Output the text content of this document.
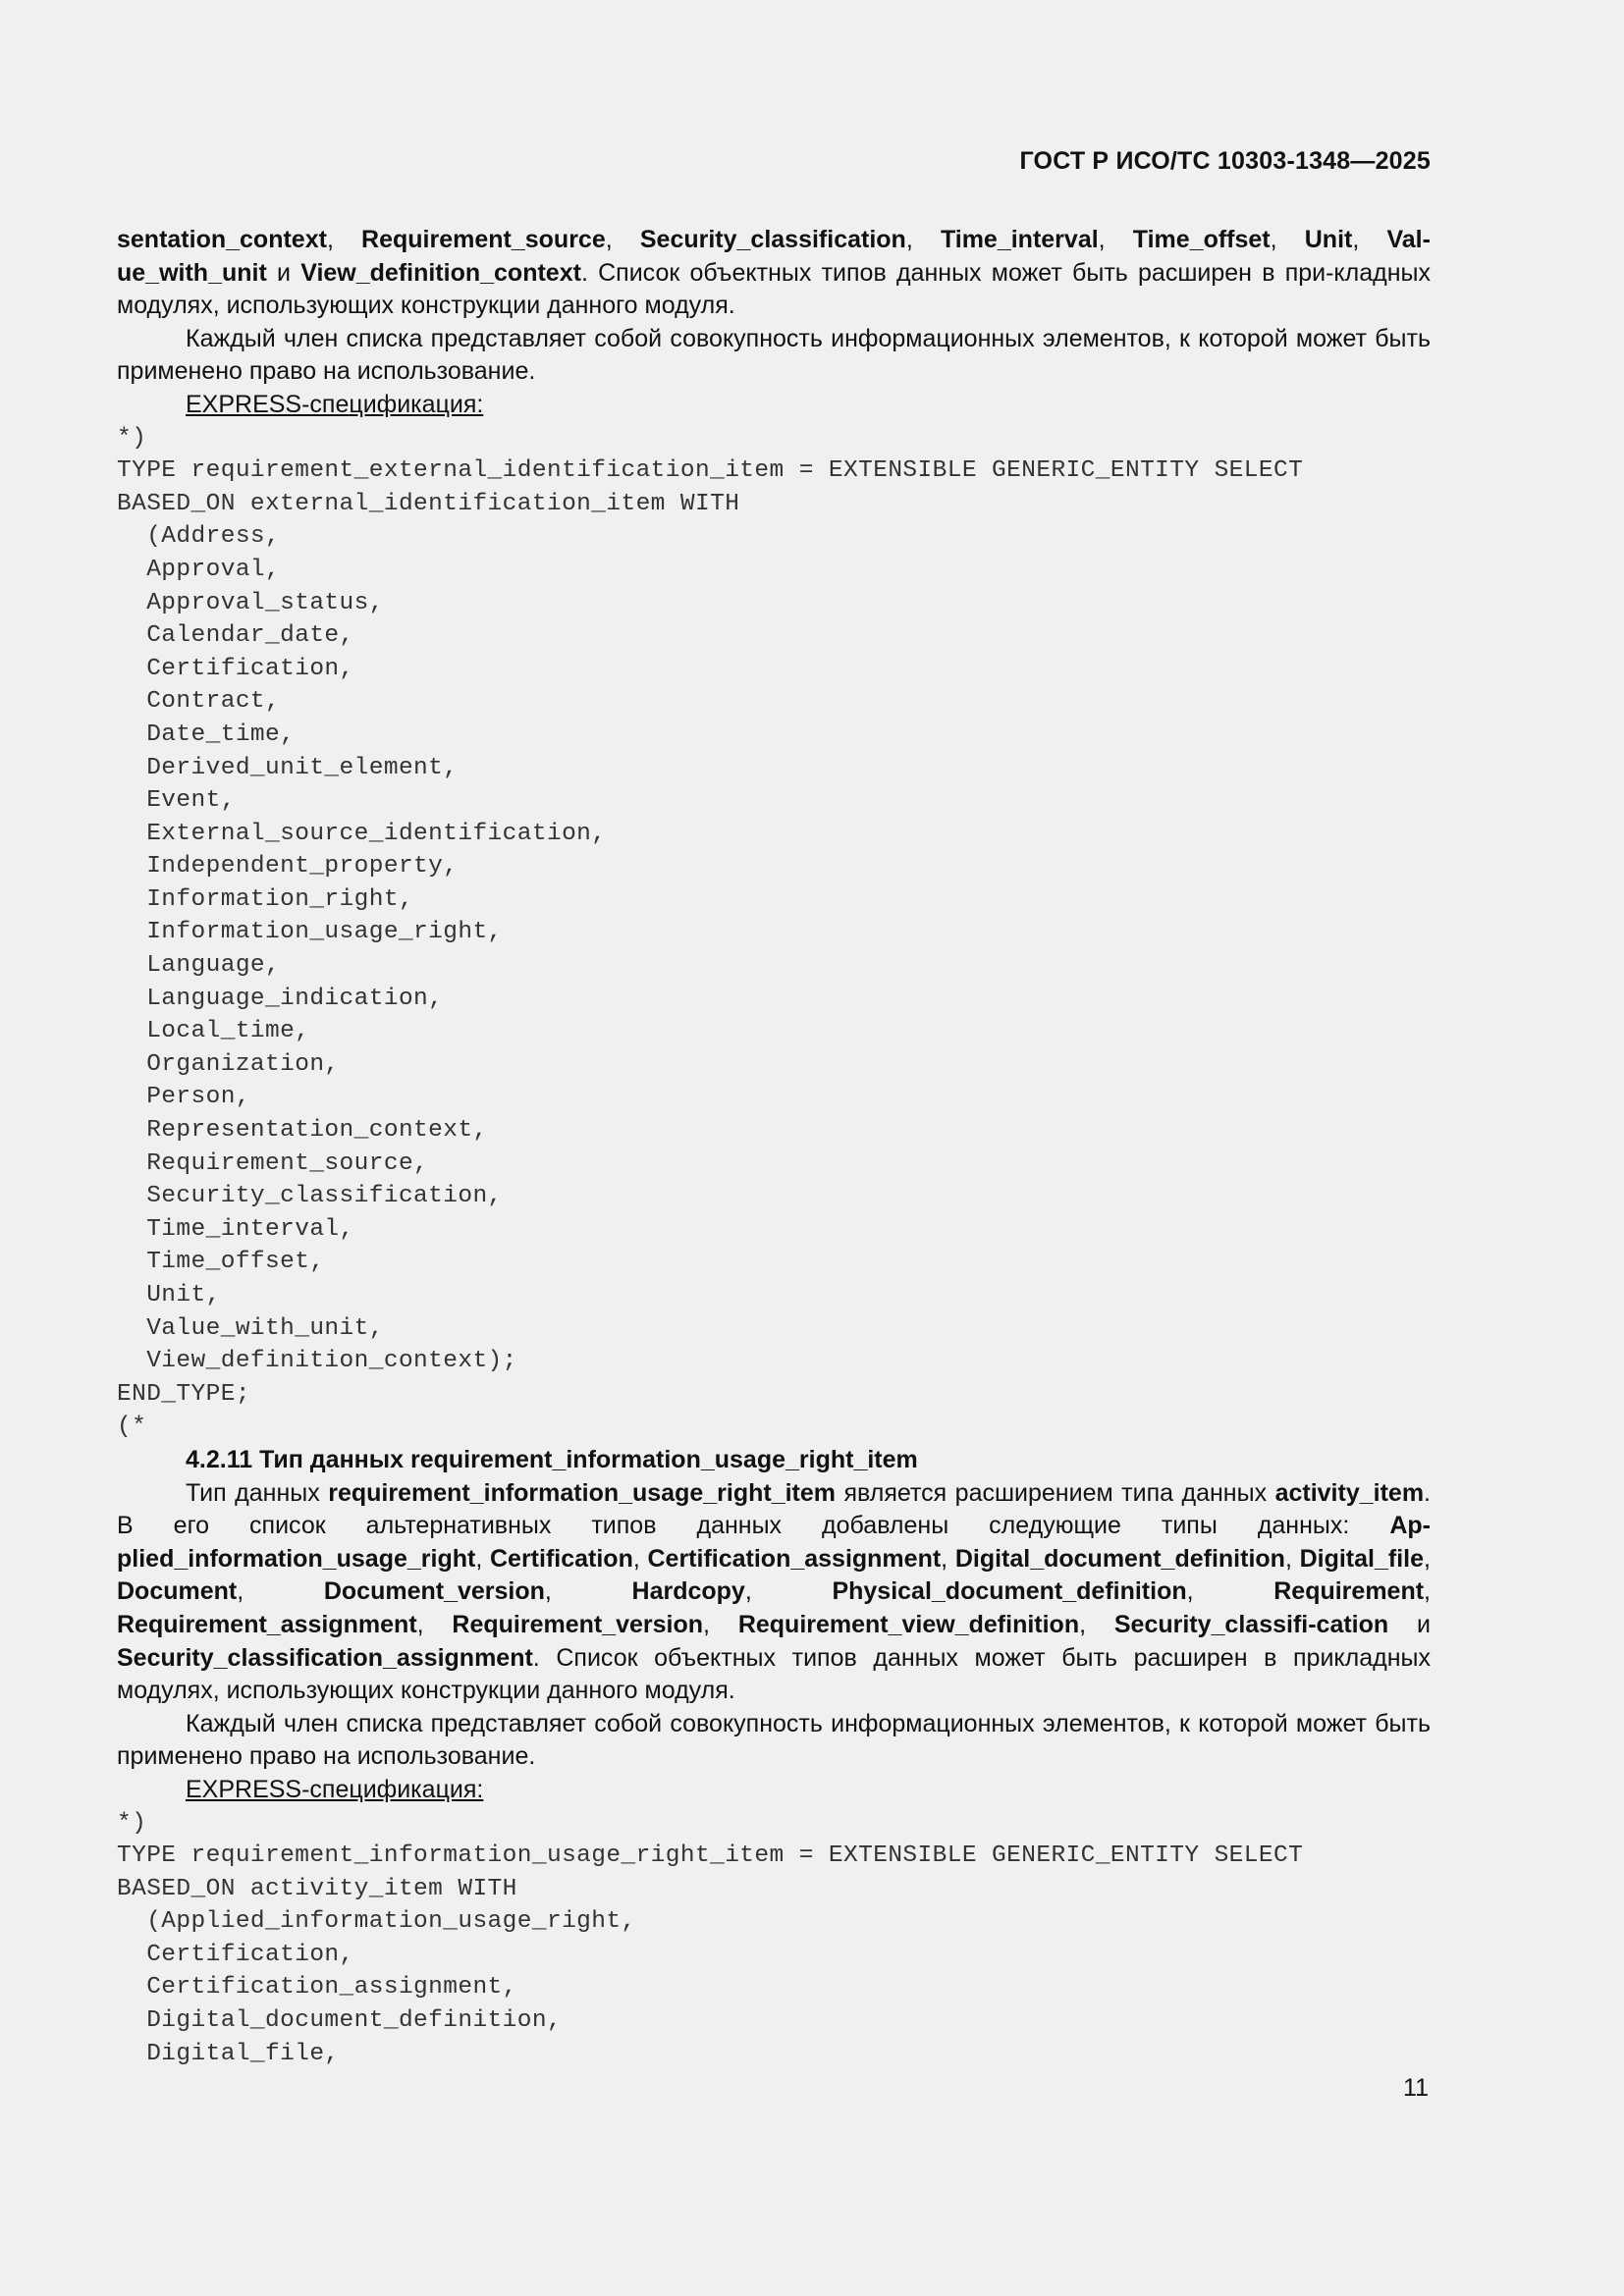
ГОСТ Р ИСО/ТС 10303-1348—2025

sentation_context, Requirement_source, Security_classification, Time_interval, Time_offset, Unit, Val-ue_with_unit и View_definition_context. Список объектных типов данных может быть расширен в при-кладных модулях, использующих конструкции данного модуля.

Каждый член списка представляет собой совокупность информационных элементов, к которой может быть применено право на использование.

EXPRESS-спецификация:

*)
TYPE requirement_external_identification_item = EXTENSIBLE GENERIC_ENTITY SELECT
BASED_ON external_identification_item WITH
(Address,
Approval,
Approval_status,
Calendar_date,
Certification,
Contract,
Date_time,
Derived_unit_element,
Event,
External_source_identification,
Independent_property,
Information_right,
Information_usage_right,
Language,
Language_indication,
Local_time,
Organization,
Person,
Representation_context,
Requirement_source,
Security_classification,
Time_interval,
Time_offset,
Unit,
Value_with_unit,
View_definition_context);
END_TYPE;
(*

4.2.11 Тип данных requirement_information_usage_right_item

Тип данных requirement_information_usage_right_item является расширением типа данных activity_item. В его список альтернативных типов данных добавлены следующие типы данных: Ap-plied_information_usage_right, Certification, Certification_assignment, Digital_document_definition, Digital_file, Document, Document_version, Hardcopy, Physical_document_definition, Requirement, Requirement_assignment, Requirement_version, Requirement_view_definition, Security_classifi-cation и Security_classification_assignment. Список объектных типов данных может быть расширен в прикладных модулях, использующих конструкции данного модуля.

Каждый член списка представляет собой совокупность информационных элементов, к которой может быть применено право на использование.

EXPRESS-спецификация:

*)
TYPE requirement_information_usage_right_item = EXTENSIBLE GENERIC_ENTITY SELECT
BASED_ON activity_item WITH
(Applied_information_usage_right,
Certification,
Certification_assignment,
Digital_document_definition,
Digital_file,
11
